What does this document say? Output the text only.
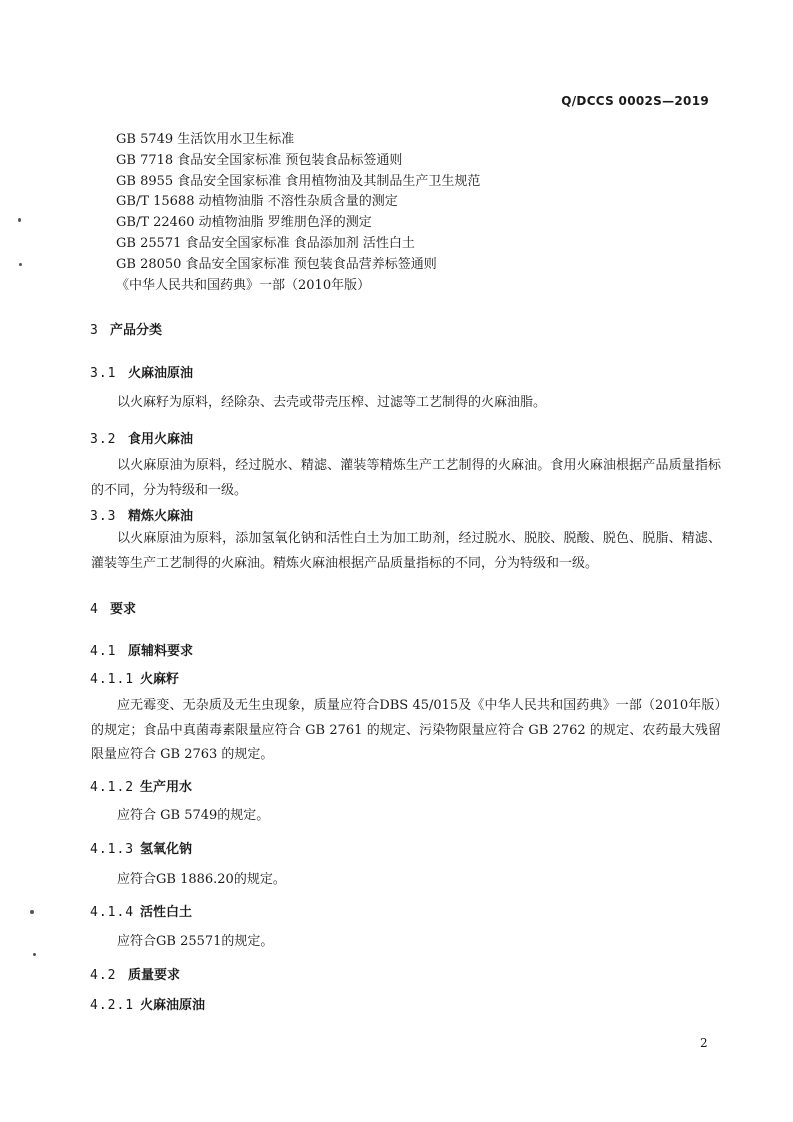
Q/DCCS 0002S—2019
GB 5749 生活饮用水卫生标准
GB 7718 食品安全国家标准 预包装食品标签通则
GB 8955 食品安全国家标准 食用植物油及其制品生产卫生规范
GB/T 15688 动植物油脂 不溶性杂质含量的测定
GB/T 22460 动植物油脂 罗维朋色泽的测定
GB 25571 食品安全国家标准 食品添加剂 活性白土
GB 28050 食品安全国家标准 预包装食品营养标签通则
《中华人民共和国药典》一部（2010年版）
3 产品分类
3.1 火麻油原油
以火麻籽为原料，经除杂、去壳或带壳压榨、过滤等工艺制得的火麻油脂。
3.2 食用火麻油
以火麻原油为原料，经过脱水、精滤、灌装等精炼生产工艺制得的火麻油。食用火麻油根据产品质量指标的不同，分为特级和一级。
3.3 精炼火麻油
以火麻原油为原料，添加氢氧化钠和活性白土为加工助剂，经过脱水、脱胶、脱酸、脱色、脱脂、精滤、灌装等生产工艺制得的火麻油。精炼火麻油根据产品质量指标的不同，分为特级和一级。
4 要求
4.1 原辅料要求
4.1.1 火麻籽
应无霉变、无杂质及无生虫现象，质量应符合DBS 45/015及《中华人民共和国药典》一部（2010年版）的规定；食品中真菌毒素限量应符合 GB 2761 的规定、污染物限量应符合 GB 2762 的规定、农药最大残留限量应符合 GB 2763 的规定。
4.1.2 生产用水
应符合 GB 5749的规定。
4.1.3 氢氧化钠
应符合GB 1886.20的规定。
4.1.4 活性白土
应符合GB 25571的规定。
4.2 质量要求
4.2.1 火麻油原油
2
